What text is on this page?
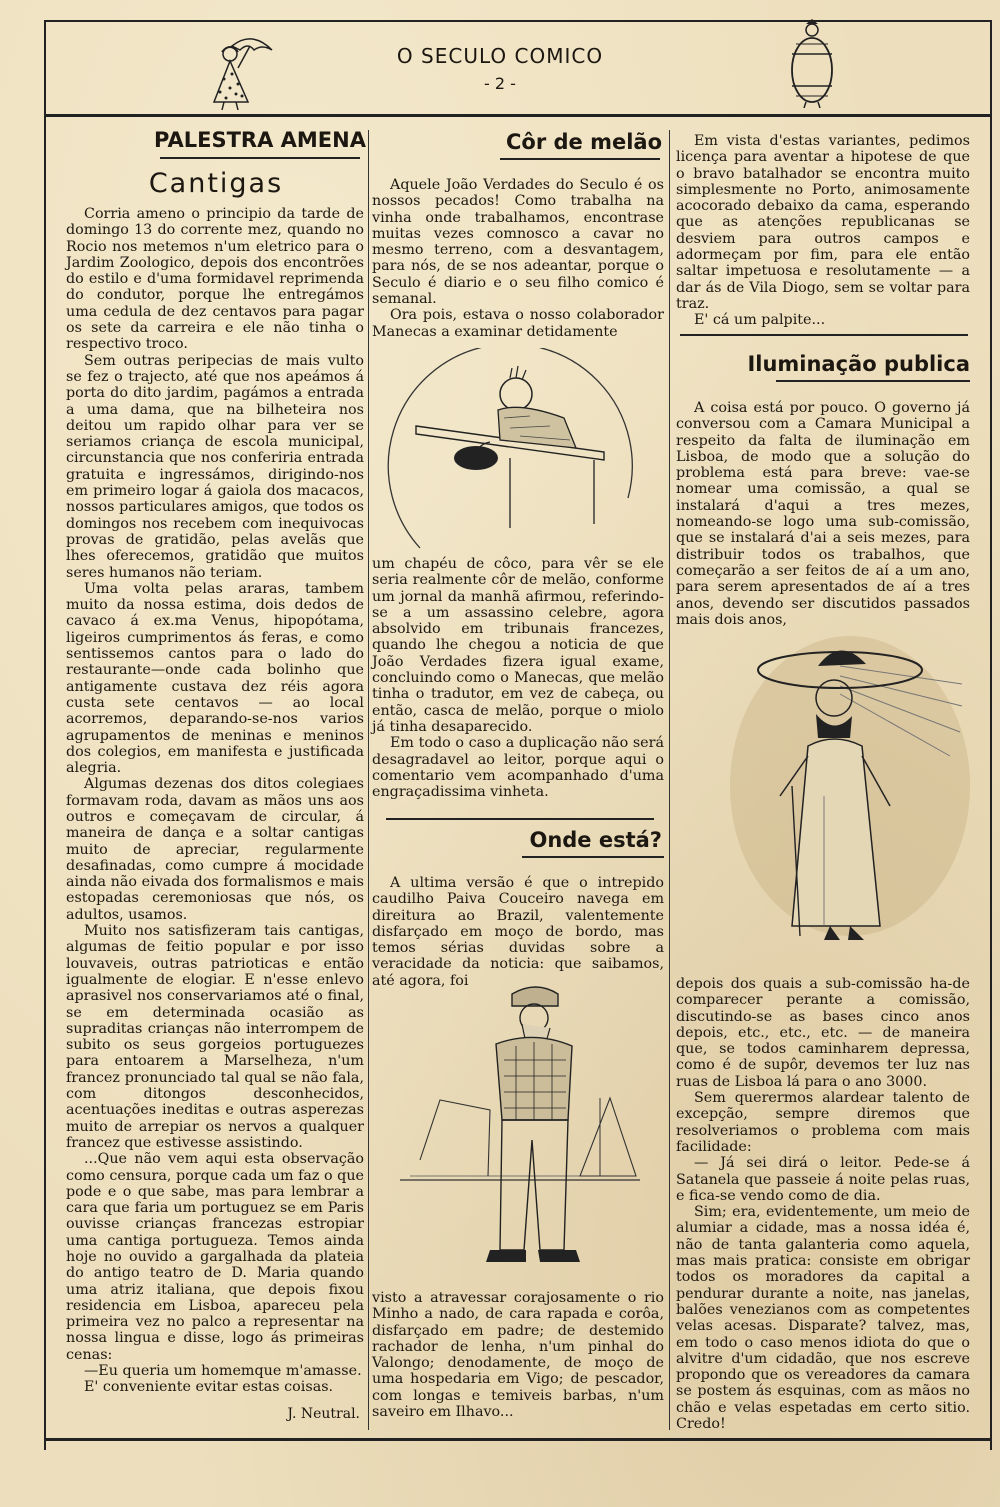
O SECULO COMICO
- 2 -
PALESTRA AMENA
Cantigas

Corria ameno o principio da tarde de domingo 13 do corrente mez, quando no Rocio nos metemos n'um eletrico para o Jardim Zoologico, depois dos encontrões do estilo e d'uma formidavel reprimenda do condutor, porque lhe entregámos uma cedula de dez centavos para pagar os sete da carreira e ele não tinha o respectivo troco.

Sem outras peripecias de mais vulto se fez o trajecto, até que nos apeámos á porta do dito jardim, pagámos a entrada a uma dama, que na bilheteira nos deitou um rapido olhar para ver se seriamos criança de escola municipal, circunstancia que nos conferiria entrada gratuita e ingressámos, dirigindo-nos em primeiro logar á gaiola dos macacos, nossos particulares amigos, que todos os domingos nos recebem com inequivocas provas de gratidão, pelas avelãs que lhes oferecemos, gratidão que muitos seres humanos não teriam.

Uma volta pelas araras, tambem muito da nossa estima, dois dedos de cavaco á ex.ma Venus, hipopótama, ligeiros cumprimentos ás feras, e como sentissemos cantos para o lado do restaurante—onde cada bolinho que antigamente custava dez réis agora custa sete centavos — ao local acorremos, deparando-se-nos varios agrupamentos de meninas e meninos dos colegios, em manifesta e justificada alegria.

Algumas dezenas dos ditos colegiaes formavam roda, davam as mãos uns aos outros e começavam de circular, á maneira de dança e a soltar cantigas muito de apreciar, regularmente desafinadas, como cumpre á mocidade ainda não eivada dos formalismos e mais estopadas ceremoniosas que nós, os adultos, usamos.

Muito nos satisfizeram tais cantigas, algumas de feitio popular e por isso louvaveis, outras patrioticas e então igualmente de elogiar. E n'esse enlevo aprasivel nos conservariamos até o final, se em determinada ocasião as supraditas crianças não interrompem de subito os seus gorgeios portuguezes para entoarem a Marselheza, n'um francez pronunciado tal qual se não fala, com ditongos desconhecidos, acentuações ineditas e outras asperezas muito de arrepiar os nervos a qualquer francez que estivesse assistindo.

...Que não vem aqui esta observação como censura, porque cada um faz o que pode e o que sabe, mas para lembrar a cara que faria um portuguez se em Paris ouvisse crianças francezas estropiar uma cantiga portugueza. Temos ainda hoje no ouvido a gargalhada da plateia do antigo teatro de D. Maria quando uma atriz italiana, que depois fixou residencia em Lisboa, apareceu pela primeira vez no palco a representar na nossa lingua e disse, logo ás primeiras cenas:

—Eu queria um homemque m'amasse.

E' conveniente evitar estas coisas.

J. Neutral.
Côr de melão

Aquele João Verdades do Seculo é os nossos pecados! Como trabalha na vinha onde trabalhamos, encontrase muitas vezes comnosco a cavar no mesmo terreno, com a desvantagem, para nós, de se nos adeantar, porque o Seculo é diario e o seu filho comico é semanal.

Ora pois, estava o nosso colaborador Manecas a examinar detidamente

um chapéu de côco, para vêr se ele seria realmente côr de melão, conforme um jornal da manhã afirmou, referindo-se a um assassino celebre, agora absolvido em tribunais francezes, quando lhe chegou a noticia de que João Verdades fizera igual exame, concluindo como o Manecas, que melão tinha o tradutor, em vez de cabeça, ou então, casca de melão, porque o miolo já tinha desaparecido.

Em todo o caso a duplicação não será desagradavel ao leitor, porque aqui o comentario vem acompanhado d'uma engraçadissima vinheta.

Onde está?

A ultima versão é que o intrepido caudilho Paiva Couceiro navega em direitura ao Brazil, valentemente disfarçado em moço de bordo, mas temos sérias duvidas sobre a veracidade da noticia: que saibamos, até agora, foi

visto a atravessar corajosamente o rio Minho a nado, de cara rapada e corôa, disfarçado em padre; de destemido rachador de lenha, n'um pinhal do Valongo; denodamente, de moço de uma hospedaria em Vigo; de pescador, com longas e temiveis barbas, n'um saveiro em Ilhavo...

Em vista d'estas variantes, pedimos licença para aventar a hipotese de que o bravo batalhador se encontra muito simplesmente no Porto, animosamente acocorado debaixo da cama, esperando que as atenções republicanas se desviem para outros campos e adormeçam por fim, para ele então saltar impetuosa e resolutamente — a dar ás de Vila Diogo, sem se voltar para traz.

E' cá um palpite...

Iluminação publica

A coisa está por pouco. O governo já conversou com a Camara Municipal a respeito da falta de iluminação em Lisboa, de modo que a solução do problema está para breve: vae-se nomear uma comissão, a qual se instalará d'aqui a tres mezes, nomeando-se logo uma sub-comissão, que se instalará d'ai a seis mezes, para distribuir todos os trabalhos, que começarão a ser feitos de aí a um ano, para serem apresentados de aí a tres anos, devendo ser discutidos passados mais dois anos,

depois dos quais a sub-comissão ha-de comparecer perante a comissão, discutindo-se as bases cinco anos depois, etc., etc., etc. — de maneira que, se todos caminharem depressa, como é de supôr, devemos ter luz nas ruas de Lisboa lá para o ano 3000.

Sem querermos alardear talento de excepção, sempre diremos que resolveriamos o problema com mais facilidade:

— Já sei dirá o leitor. Pede-se á Satanela que passeie á noite pelas ruas, e fica-se vendo como de dia.

Sim; era, evidentemente, um meio de alumiar a cidade, mas a nossa idéa é, não de tanta galanteria como aquela, mas mais pratica: consiste em obrigar todos os moradores da capital a pendurar durante a noite, nas janelas, balões venezianos com as competentes velas acesas. Disparate? talvez, mas, em todo o caso menos idiota do que o alvitre d'um cidadão, que nos escreve propondo que os vereadores da camara se postem ás esquinas, com as mãos no chão e velas espetadas em certo sitio. Credo!
